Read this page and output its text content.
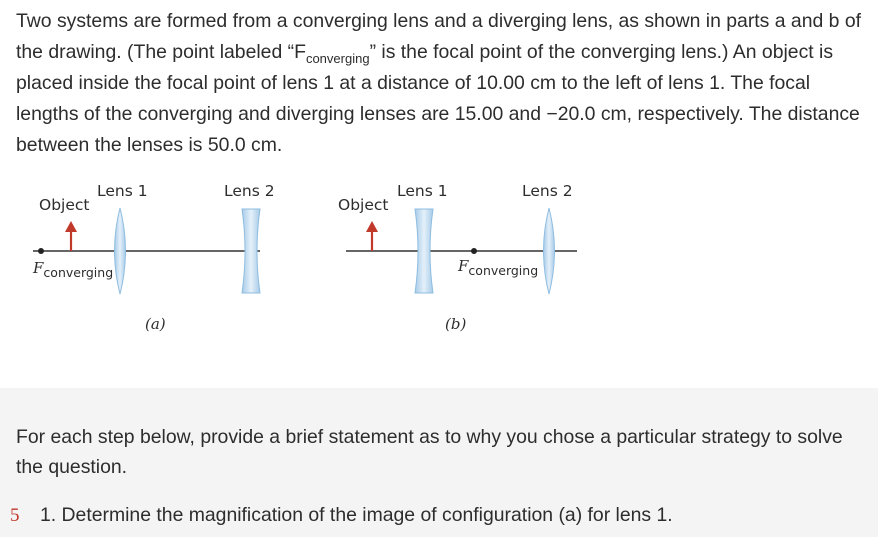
Two systems are formed from a converging lens and a diverging lens, as shown in parts a and b of the drawing. (The point labeled “$F_{converging}$” is the focal point of the converging lens.) An object is placed inside the focal point of lens 1 at a distance of 10.00 cm to the left of lens 1. The focal lengths of the converging and diverging lenses are 15.00 and −20.0 cm, respectively. The distance between the lenses is 50.0 cm.

Object
Lens 1	Lens 2
$F_{converging}$
(a)
Object
Lens 1	Lens 2
$F_{converging}$
(b)

For each step below, provide a brief statement as to why you chose a particular strategy to solve the question.

5 1. Determine the magnification of the image of configuration (a) for lens 1.
